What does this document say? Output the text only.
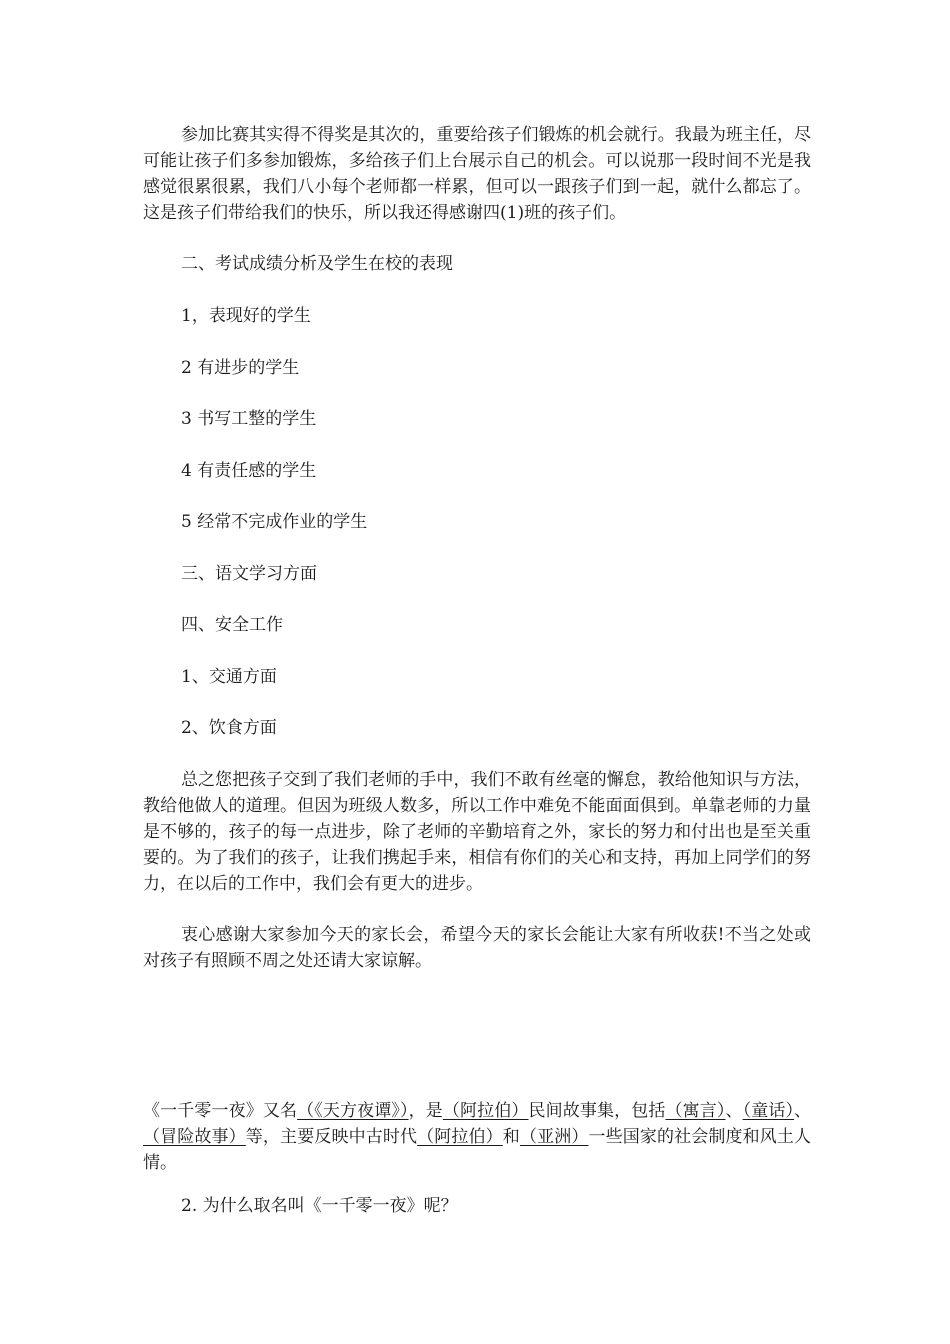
参加比赛其实得不得奖是其次的，重要给孩子们锻炼的机会就行。我最为班主任，尽可能让孩子们多参加锻炼，多给孩子们上台展示自己的机会。可以说那一段时间不光是我感觉很累很累，我们八小每个老师都一样累，但可以一跟孩子们到一起，就什么都忘了。这是孩子们带给我们的快乐，所以我还得感谢四(1)班的孩子们。

二、考试成绩分析及学生在校的表现

1，表现好的学生

2 有进步的学生

3 书写工整的学生

4 有责任感的学生

5 经常不完成作业的学生

三、语文学习方面

四、安全工作

1、交通方面

2、饮食方面

总之您把孩子交到了我们老师的手中，我们不敢有丝毫的懈怠，教给他知识与方法，教给他做人的道理。但因为班级人数多，所以工作中难免不能面面俱到。单靠老师的力量是不够的，孩子的每一点进步，除了老师的辛勤培育之外，家长的努力和付出也是至关重要的。为了我们的孩子，让我们携起手来，相信有你们的关心和支持，再加上同学们的努力，在以后的工作中，我们会有更大的进步。

衷心感谢大家参加今天的家长会，希望今天的家长会能让大家有所收获!不当之处或对孩子有照顾不周之处还请大家谅解。

《一千零一夜》又名（《天方夜谭》），是（阿拉伯）民间故事集，包括（寓言）、（童话）、（冒险故事）等，主要反映中古时代（阿拉伯）和（亚洲）一些国家的社会制度和风土人情。

2. 为什么取名叫《一千零一夜》呢？
